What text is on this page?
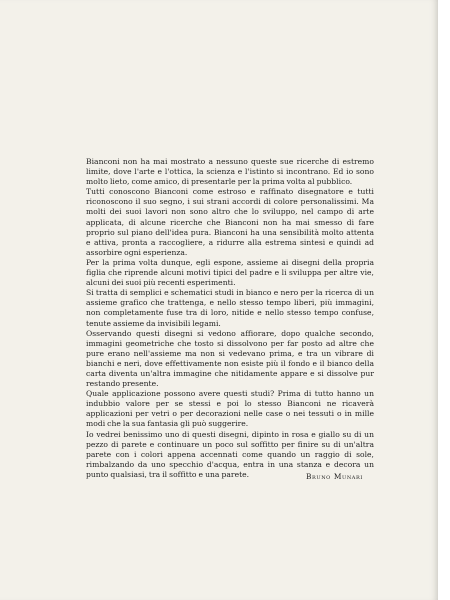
Bianconi non ha mai mostrato a nessuno queste sue ricerche di estremo limite, dove l'arte e l'ottica, la scienza e l'istinto si incontrano. Ed io sono molto lieto, come amico, di presentarle per la prima volta al pubblico.

Tutti conoscono Bianconi come estroso e raffinato disegnatore e tutti riconoscono il suo segno, i sui strani accordi di colore personalissimi. Ma molti dei suoi lavori non sono altro che lo sviluppo, nel campo di arte applicata, di alcune ricerche che Bianconi non ha mai smesso di fare proprio sul piano dell'idea pura. Bianconi ha una sensibilità molto attenta e attiva, pronta a raccogliere, a ridurre alla estrema sintesi e quindi ad assorbire ogni esperienza.

Per la prima volta dunque, egli espone, assieme ai disegni della propria figlia che riprende alcuni motivi tipici del padre e li sviluppa per altre vie, alcuni dei suoi più recenti esperimenti.

Si tratta di semplici e schematici studi in bianco e nero per la ricerca di un assieme grafico che trattenga, e nello stesso tempo liberi, più immagini, non completamente fuse tra di loro, nitide e nello stesso tempo confuse, tenute assieme da invisibili legami.

Osservando questi disegni si vedono affiorare, dopo qualche secondo, immagini geometriche che tosto si dissolvono per far posto ad altre che pure erano nell'assieme ma non si vedevano prima, e tra un vibrare di bianchi e neri, dove effettivamente non esiste più il fondo e il bianco della carta diventa un'altra immagine che nitidamente appare e si dissolve pur restando presente.

Quale applicazione possono avere questi studi? Prima di tutto hanno un indubbio valore per se stessi e poi lo stesso Bianconi ne ricaverà applicazioni per vetri o per decorazioni nelle case o nei tessuti o in mille modi che la sua fantasia gli può suggerire.

Io vedrei benissimo uno di questi disegni, dipinto in rosa e giallo su di un pezzo di parete e continuare un poco sul soffitto per finire su di un'altra parete con i colori appena accennati come quando un raggio di sole, rimbalzando da uno specchio d'acqua, entra in una stanza e decora un punto qualsiasi, tra il soffitto e una parete.	Bruno Munari
